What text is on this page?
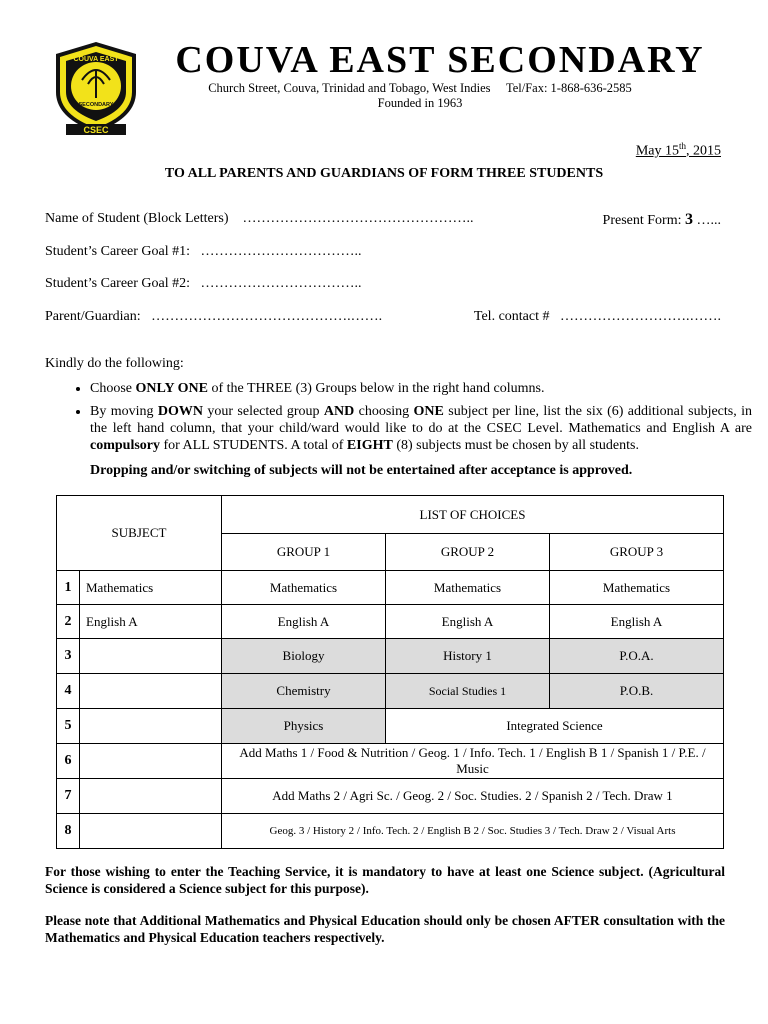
COUVA EAST
SECONDARY
CSEC
COUVA EAST SECONDARY
Church Street, Couva, Trinidad and Tobago, West Indies Tel/Fax: 1-868-636-2585
Founded in 1963
May 15th, 2015
TO ALL PARENTS AND GUARDIANS OF FORM THREE STUDENTS
Name of Student (Block Letters) …………………………………………..	Present Form: 3 …...
Student’s Career Goal #1: ……………………………..
Student’s Career Goal #2: ……………………………..
Parent/Guardian: …………………………………….…….	Tel. contact # ……………………….…….
Kindly do the following:
• Choose ONLY ONE of the THREE (3) Groups below in the right hand columns.
• By moving DOWN your selected group AND choosing ONE subject per line, list the six (6) additional subjects, in the left hand column, that your child/ward would like to do at the CSEC Level. Mathematics and English A are compulsory for ALL STUDENTS. A total of EIGHT (8) subjects must be chosen by all students.
Dropping and/or switching of subjects will not be entertained after acceptance is approved.
SUBJECT		LIST OF CHOICES		
		GROUP 1	GROUP 2	GROUP 3
1	Mathematics	Mathematics	Mathematics	Mathematics
2	English A	English A	English A	English A
3		Biology	History 1	P.O.A.
4		Chemistry	Social Studies 1	P.O.B.
5		Physics	Integrated Science	
6		Add Maths 1 / Food & Nutrition / Geog. 1 / Info. Tech. 1 / English B 1 / Spanish 1 / P.E. / Music		
7		Add Maths 2 / Agri Sc. / Geog. 2 / Soc. Studies. 2 / Spanish 2 / Tech. Draw 1		
8		Geog. 3 / History 2 / Info. Tech. 2 / English B 2 / Soc. Studies 3 / Tech. Draw 2 / Visual Arts		
For those wishing to enter the Teaching Service, it is mandatory to have at least one Science subject. (Agricultural Science is considered a Science subject for this purpose).
Please note that Additional Mathematics and Physical Education should only be chosen AFTER consultation with the Mathematics and Physical Education teachers respectively.
